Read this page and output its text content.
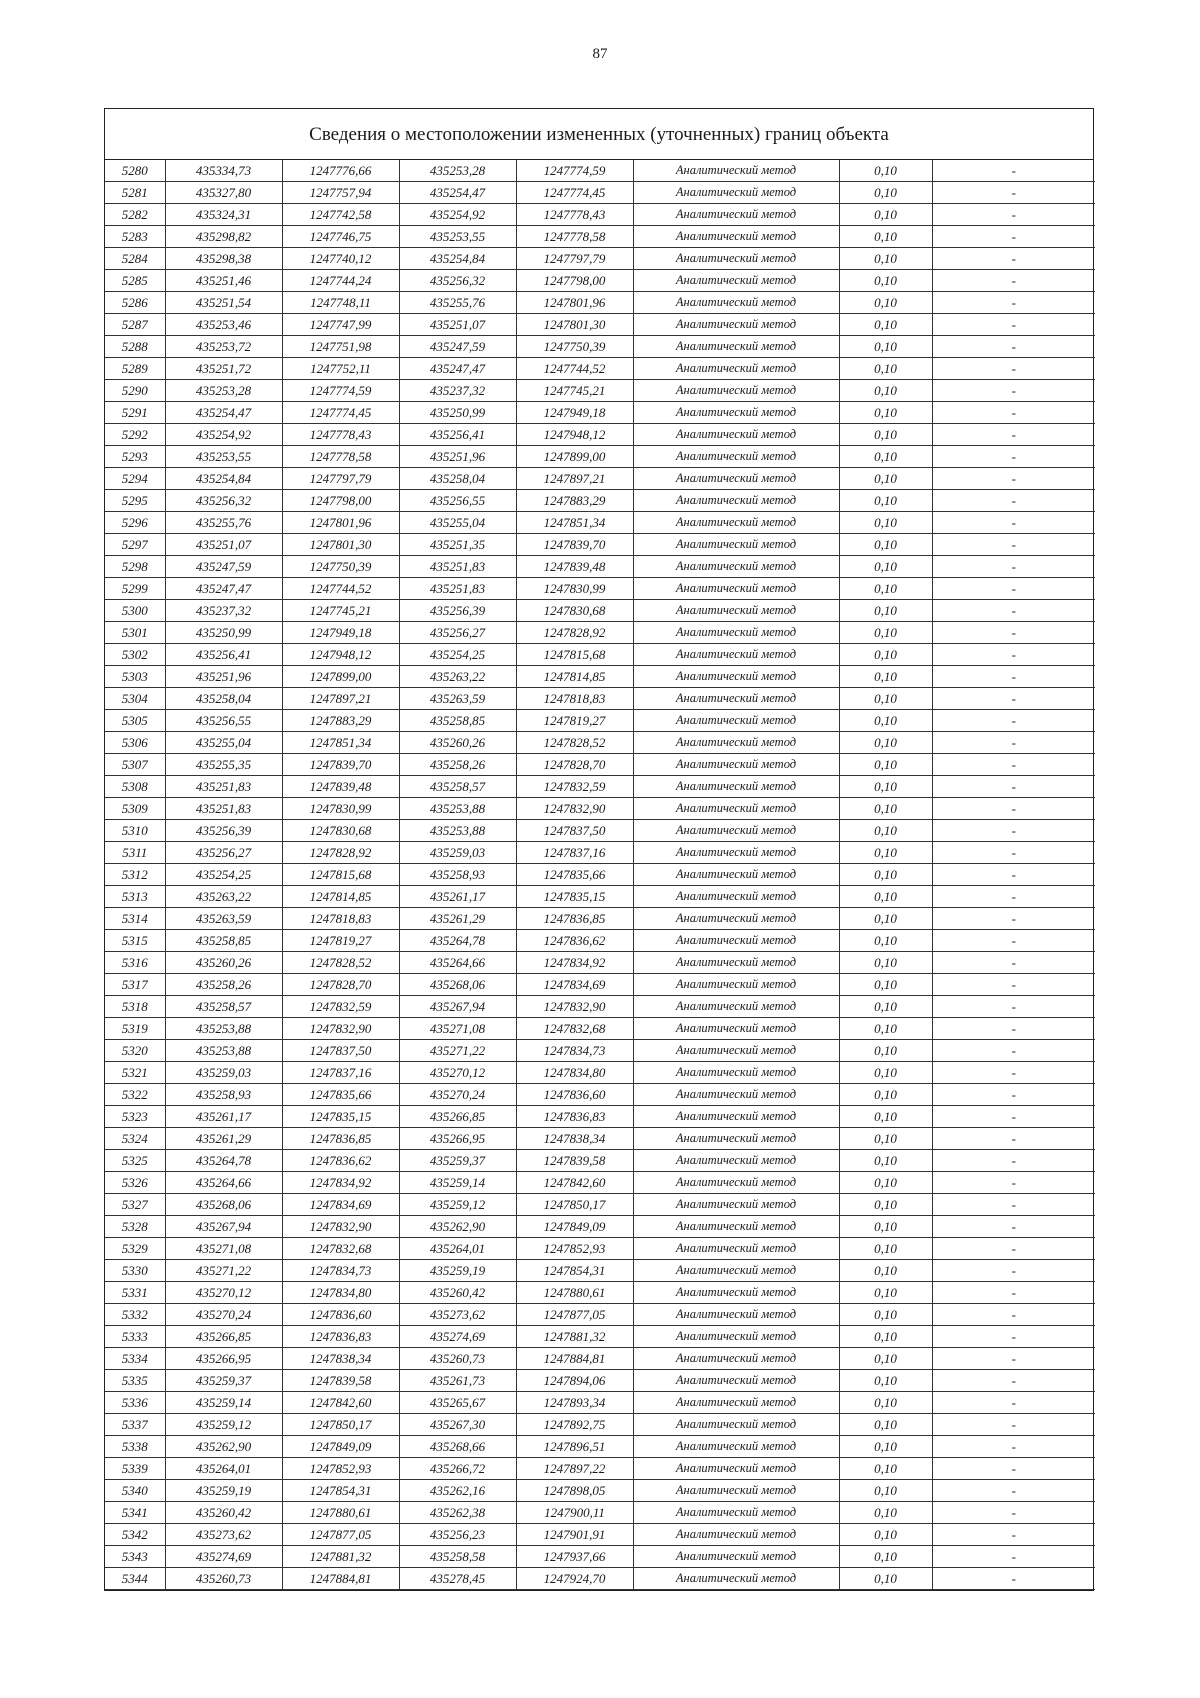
87
Сведения о местоположении измененных (уточненных) границ объекта
5280	435334,73	1247776,66	435253,28	1247774,59	Аналитический метод	0,10	-
5281	435327,80	1247757,94	435254,47	1247774,45	Аналитический метод	0,10	-
5282	435324,31	1247742,58	435254,92	1247778,43	Аналитический метод	0,10	-
5283	435298,82	1247746,75	435253,55	1247778,58	Аналитический метод	0,10	-
5284	435298,38	1247740,12	435254,84	1247797,79	Аналитический метод	0,10	-
5285	435251,46	1247744,24	435256,32	1247798,00	Аналитический метод	0,10	-
5286	435251,54	1247748,11	435255,76	1247801,96	Аналитический метод	0,10	-
5287	435253,46	1247747,99	435251,07	1247801,30	Аналитический метод	0,10	-
5288	435253,72	1247751,98	435247,59	1247750,39	Аналитический метод	0,10	-
5289	435251,72	1247752,11	435247,47	1247744,52	Аналитический метод	0,10	-
5290	435253,28	1247774,59	435237,32	1247745,21	Аналитический метод	0,10	-
5291	435254,47	1247774,45	435250,99	1247949,18	Аналитический метод	0,10	-
5292	435254,92	1247778,43	435256,41	1247948,12	Аналитический метод	0,10	-
5293	435253,55	1247778,58	435251,96	1247899,00	Аналитический метод	0,10	-
5294	435254,84	1247797,79	435258,04	1247897,21	Аналитический метод	0,10	-
5295	435256,32	1247798,00	435256,55	1247883,29	Аналитический метод	0,10	-
5296	435255,76	1247801,96	435255,04	1247851,34	Аналитический метод	0,10	-
5297	435251,07	1247801,30	435251,35	1247839,70	Аналитический метод	0,10	-
5298	435247,59	1247750,39	435251,83	1247839,48	Аналитический метод	0,10	-
5299	435247,47	1247744,52	435251,83	1247830,99	Аналитический метод	0,10	-
5300	435237,32	1247745,21	435256,39	1247830,68	Аналитический метод	0,10	-
5301	435250,99	1247949,18	435256,27	1247828,92	Аналитический метод	0,10	-
5302	435256,41	1247948,12	435254,25	1247815,68	Аналитический метод	0,10	-
5303	435251,96	1247899,00	435263,22	1247814,85	Аналитический метод	0,10	-
5304	435258,04	1247897,21	435263,59	1247818,83	Аналитический метод	0,10	-
5305	435256,55	1247883,29	435258,85	1247819,27	Аналитический метод	0,10	-
5306	435255,04	1247851,34	435260,26	1247828,52	Аналитический метод	0,10	-
5307	435255,35	1247839,70	435258,26	1247828,70	Аналитический метод	0,10	-
5308	435251,83	1247839,48	435258,57	1247832,59	Аналитический метод	0,10	-
5309	435251,83	1247830,99	435253,88	1247832,90	Аналитический метод	0,10	-
5310	435256,39	1247830,68	435253,88	1247837,50	Аналитический метод	0,10	-
5311	435256,27	1247828,92	435259,03	1247837,16	Аналитический метод	0,10	-
5312	435254,25	1247815,68	435258,93	1247835,66	Аналитический метод	0,10	-
5313	435263,22	1247814,85	435261,17	1247835,15	Аналитический метод	0,10	-
5314	435263,59	1247818,83	435261,29	1247836,85	Аналитический метод	0,10	-
5315	435258,85	1247819,27	435264,78	1247836,62	Аналитический метод	0,10	-
5316	435260,26	1247828,52	435264,66	1247834,92	Аналитический метод	0,10	-
5317	435258,26	1247828,70	435268,06	1247834,69	Аналитический метод	0,10	-
5318	435258,57	1247832,59	435267,94	1247832,90	Аналитический метод	0,10	-
5319	435253,88	1247832,90	435271,08	1247832,68	Аналитический метод	0,10	-
5320	435253,88	1247837,50	435271,22	1247834,73	Аналитический метод	0,10	-
5321	435259,03	1247837,16	435270,12	1247834,80	Аналитический метод	0,10	-
5322	435258,93	1247835,66	435270,24	1247836,60	Аналитический метод	0,10	-
5323	435261,17	1247835,15	435266,85	1247836,83	Аналитический метод	0,10	-
5324	435261,29	1247836,85	435266,95	1247838,34	Аналитический метод	0,10	-
5325	435264,78	1247836,62	435259,37	1247839,58	Аналитический метод	0,10	-
5326	435264,66	1247834,92	435259,14	1247842,60	Аналитический метод	0,10	-
5327	435268,06	1247834,69	435259,12	1247850,17	Аналитический метод	0,10	-
5328	435267,94	1247832,90	435262,90	1247849,09	Аналитический метод	0,10	-
5329	435271,08	1247832,68	435264,01	1247852,93	Аналитический метод	0,10	-
5330	435271,22	1247834,73	435259,19	1247854,31	Аналитический метод	0,10	-
5331	435270,12	1247834,80	435260,42	1247880,61	Аналитический метод	0,10	-
5332	435270,24	1247836,60	435273,62	1247877,05	Аналитический метод	0,10	-
5333	435266,85	1247836,83	435274,69	1247881,32	Аналитический метод	0,10	-
5334	435266,95	1247838,34	435260,73	1247884,81	Аналитический метод	0,10	-
5335	435259,37	1247839,58	435261,73	1247894,06	Аналитический метод	0,10	-
5336	435259,14	1247842,60	435265,67	1247893,34	Аналитический метод	0,10	-
5337	435259,12	1247850,17	435267,30	1247892,75	Аналитический метод	0,10	-
5338	435262,90	1247849,09	435268,66	1247896,51	Аналитический метод	0,10	-
5339	435264,01	1247852,93	435266,72	1247897,22	Аналитический метод	0,10	-
5340	435259,19	1247854,31	435262,16	1247898,05	Аналитический метод	0,10	-
5341	435260,42	1247880,61	435262,38	1247900,11	Аналитический метод	0,10	-
5342	435273,62	1247877,05	435256,23	1247901,91	Аналитический метод	0,10	-
5343	435274,69	1247881,32	435258,58	1247937,66	Аналитический метод	0,10	-
5344	435260,73	1247884,81	435278,45	1247924,70	Аналитический метод	0,10	-
